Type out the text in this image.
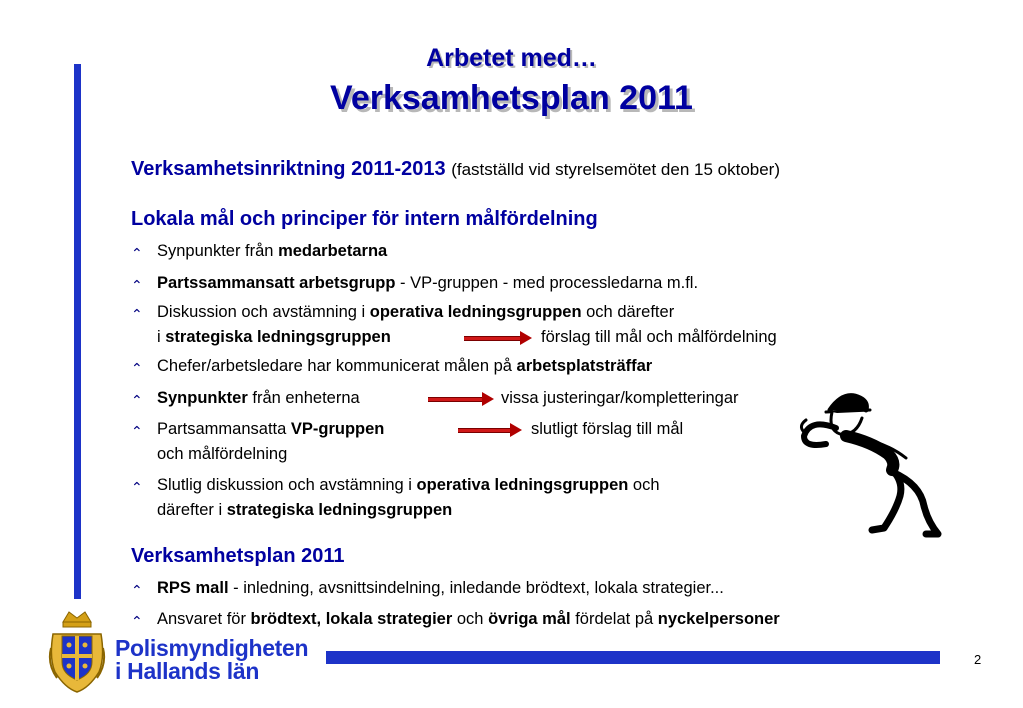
Arbetet med…
Verksamhetsplan 2011
Verksamhetsinriktning 2011-2013 (fastställd vid styrelsemötet den 15 oktober)
Lokala mål och principer för intern målfördelning
⌃ Synpunkter från medarbetarna
⌃ Partssammansatt arbetsgrupp - VP-gruppen - med processledarna m.fl.
⌃ Diskussion och avstämning i operativa ledningsgruppen och därefter
i strategiska ledningsgruppen	förslag till mål och målfördelning
⌃ Chefer/arbetsledare har kommunicerat målen på arbetsplatsträffar
⌃ Synpunkter från enheterna	vissa justeringar/kompletteringar
⌃ Partsammansatta VP-gruppen	slutligt förslag till mål
och målfördelning
⌃ Slutlig diskussion och avstämning i operativa ledningsgruppen och
därefter i strategiska ledningsgruppen
Verksamhetsplan 2011
⌃ RPS mall - inledning, avsnittsindelning, inledande brödtext, lokala strategier...
⌃ Ansvaret för brödtext, lokala strategier och övriga mål fördelat på nyckelpersoner
Polismyndigheten
i Hallands län	2
